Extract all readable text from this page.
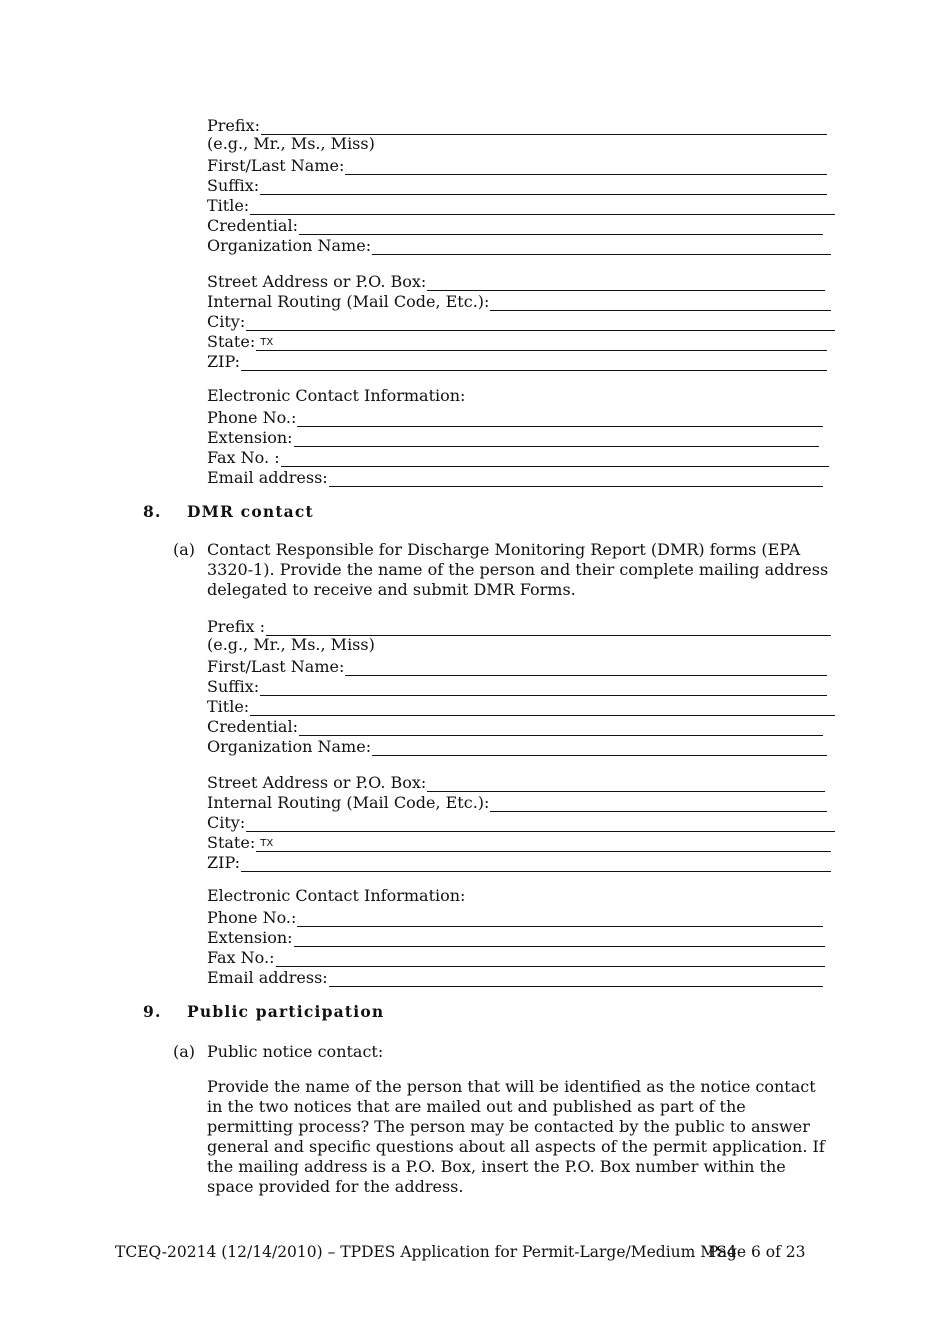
Prefix:
(e.g., Mr., Ms., Miss)
First/Last Name:
Suffix:
Title:
Credential:
Organization Name:
Street Address or P.O. Box:
Internal Routing (Mail Code, Etc.):
City:
State: TX
ZIP:
Electronic Contact Information:
Phone No.:
Extension:
Fax No. :
Email address:
8. DMR contact
(a) Contact Responsible for Discharge Monitoring Report (DMR) forms (EPA 3320-1). Provide the name of the person and their complete mailing address delegated to receive and submit DMR Forms.
Prefix :
(e.g., Mr., Ms., Miss)
First/Last Name:
Suffix:
Title:
Credential:
Organization Name:
Street Address or P.O. Box:
Internal Routing (Mail Code, Etc.):
City:
State: TX
ZIP:
Electronic Contact Information:
Phone No.:
Extension:
Fax No.:
Email address:
9. Public participation
(a) Public notice contact:
Provide the name of the person that will be identified as the notice contact in the two notices that are mailed out and published as part of the permitting process? The person may be contacted by the public to answer general and specific questions about all aspects of the permit application. If the mailing address is a P.O. Box, insert the P.O. Box number within the space provided for the address.
TCEQ-20214 (12/14/2010) – TPDES Application for Permit-Large/Medium MS4
Page 6 of 23
